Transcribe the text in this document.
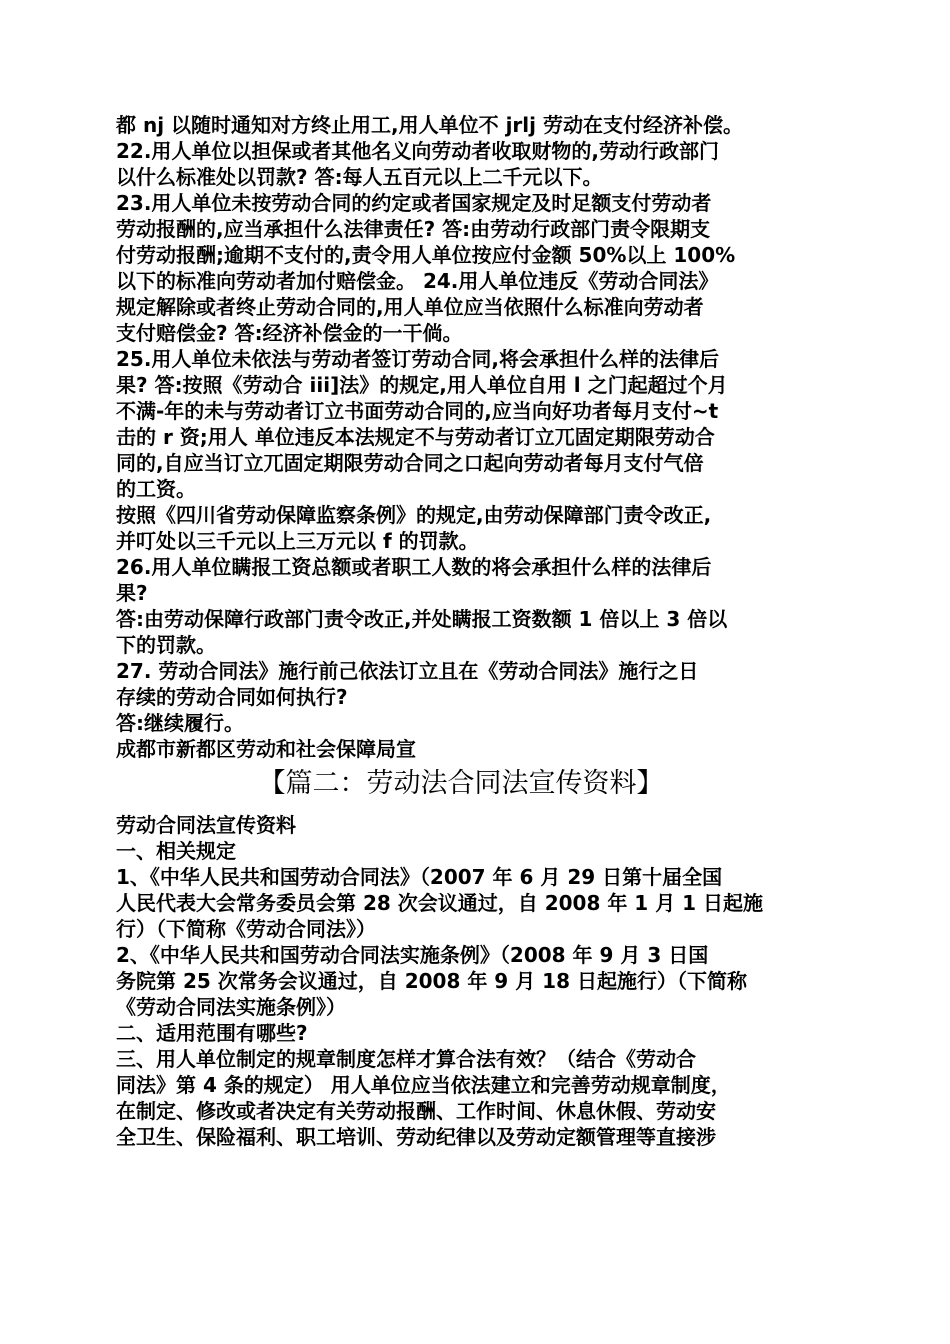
都 nj 以随时通知对方终止用工,用人单位不 jrlj 劳动在支付经济补偿。
22.用人单位以担保或者其他名义向劳动者收取财物的,劳动行政部门
以什么标准处以罚款? 答:每人五百元以上二千元以下。
23.用人单位未按劳动合同的约定或者国家规定及时足额支付劳动者
劳动报酬的,应当承担什么法律责任? 答:由劳动行政部门责令限期支
付劳动报酬;逾期不支付的,责令用人单位按应付金额 50%以上 100%
以下的标准向劳动者加付赔偿金。 24.用人单位违反《劳动合同法》
规定解除或者终止劳动合同的,用人单位应当依照什么标准向劳动者
支付赔偿金? 答:经济补偿金的一干倘。
25.用人单位未依法与劳动者签订劳动合同,将会承担什么样的法律后
果? 答:按照《劳动合 iii]法》的规定,用人单位自用 l 之门起超过个月
不满-年的未与劳动者订立书面劳动合同的,应当向好功者每月支付~t
击的 r 资;用人 单位违反本法规定不与劳动者订立兀固定期限劳动合
同的,自应当订立兀固定期限劳动合同之口起向劳动者每月支付气倍
的工资。
按照《四川省劳动保障监察条例》的规定,由劳动保障部门责令改正,
并叮处以三千元以上三万元以 f 的罚款。
26.用人单位瞒报工资总额或者职工人数的将会承担什么样的法律后
果?
答:由劳动保障行政部门责令改正,并处瞒报工资数额 1 倍以上 3 倍以
下的罚款。
27. 劳动合同法》施行前己依法订立且在《劳动合同法》施行之日
存续的劳动合同如何执行?
答:继续履行。
成都市新都区劳动和社会保障局宣
【篇二：劳动法合同法宣传资料】
劳动合同法宣传资料
一、相关规定
1、《中华人民共和国劳动合同法》（2007 年 6 月 29 日第十届全国
人民代表大会常务委员会第 28 次会议通过，自 2008 年 1 月 1 日起施
行）（下简称《劳动合同法》）
2、《中华人民共和国劳动合同法实施条例》（2008 年 9 月 3 日国
务院第 25 次常务会议通过，自 2008 年 9 月 18 日起施行）（下简称
《劳动合同法实施条例》）
二、适用范围有哪些?
三、用人单位制定的规章制度怎样才算合法有效？（结合《劳动合
同法》第 4 条的规定） 用人单位应当依法建立和完善劳动规章制度，
在制定、修改或者决定有关劳动报酬、工作时间、休息休假、劳动安
全卫生、保险福利、职工培训、劳动纪律以及劳动定额管理等直接涉
